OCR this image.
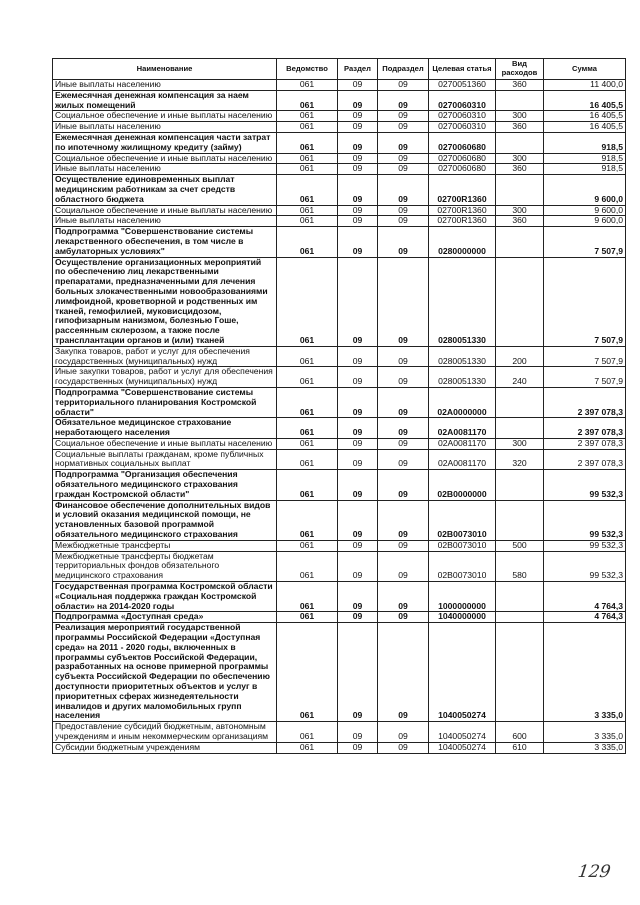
Наименование	Ведомство	Раздел	Подраздел	Целевая статья	Вид расходов	Сумма
Иные выплаты населению	061	09	09	0270051360	360	11 400,0
Ежемесячная денежная компенсация за наем жилых помещений	061	09	09	0270060310		16 405,5
Социальное обеспечение и иные выплаты населению	061	09	09	0270060310	300	16 405,5
Иные выплаты населению	061	09	09	0270060310	360	16 405,5
Ежемесячная денежная компенсация части затрат по ипотечному жилищному кредиту (займу)	061	09	09	0270060680		918,5
Социальное обеспечение и иные выплаты населению	061	09	09	0270060680	300	918,5
Иные выплаты населению	061	09	09	0270060680	360	918,5
Осуществление единовременных выплат медицинским работникам за счет средств областного бюджета	061	09	09	02700R1360		9 600,0
Социальное обеспечение и иные выплаты населению	061	09	09	02700R1360	300	9 600,0
Иные выплаты населению	061	09	09	02700R1360	360	9 600,0
Подпрограмма "Совершенствование системы лекарственного обеспечения, в том числе в амбулаторных условиях"	061	09	09	0280000000		7 507,9
Осуществление организационных мероприятий по обеспечению лиц лекарственными препаратами, предназначенными для лечения больных злокачественными новообразованиями лимфоидной, кроветворной и родственных им тканей, гемофилией, муковисцидозом, гипофизарным нанизмом, болезнью Гоше, рассеянным склерозом, а также после трансплантации органов и (или) тканей	061	09	09	0280051330		7 507,9
Закупка товаров, работ и услуг для обеспечения государственных (муниципальных) нужд	061	09	09	0280051330	200	7 507,9
Иные закупки товаров, работ и услуг для обеспечения государственных (муниципальных) нужд	061	09	09	0280051330	240	7 507,9
Подпрограмма "Совершенствование системы территориального планирования Костромской области"	061	09	09	02А0000000		2 397 078,3
Обязательное медицинское страхование неработающего населения	061	09	09	02А0081170		2 397 078,3
Социальное обеспечение и иные выплаты населению	061	09	09	02А0081170	300	2 397 078,3
Социальные выплаты гражданам, кроме публичных нормативных социальных выплат	061	09	09	02А0081170	320	2 397 078,3
Подпрограмма "Организация обеспечения обязательного медицинского страхования граждан Костромской области"	061	09	09	02В0000000		99 532,3
Финансовое обеспечение дополнительных видов и условий оказания медицинской помощи, не установленных базовой программой обязательного медицинского страхования	061	09	09	02В0073010		99 532,3
Межбюджетные трансферты	061	09	09	02В0073010	500	99 532,3
Межбюджетные трансферты бюджетам территориальных фондов обязательного медицинского страхования	061	09	09	02В0073010	580	99 532,3
Государственная программа Костромской области «Социальная поддержка граждан Костромской области» на 2014-2020 годы	061	09	09	1000000000		4 764,3
Подпрограмма «Доступная среда»	061	09	09	1040000000		4 764,3
Реализация мероприятий государственной программы Российской Федерации «Доступная среда» на 2011 - 2020 годы, включенных в программы субъектов Российской Федерации, разработанных на основе примерной программы субъекта Российской Федерации по обеспечению доступности приоритетных объектов и услуг в приоритетных сферах жизнедеятельности инвалидов и других маломобильных групп населения	061	09	09	1040050274		3 335,0
Предоставление субсидий бюджетным, автономным учреждениям и иным некоммерческим организациям	061	09	09	1040050274	600	3 335,0
Субсидии бюджетным учреждениям	061	09	09	1040050274	610	3 335,0
129
